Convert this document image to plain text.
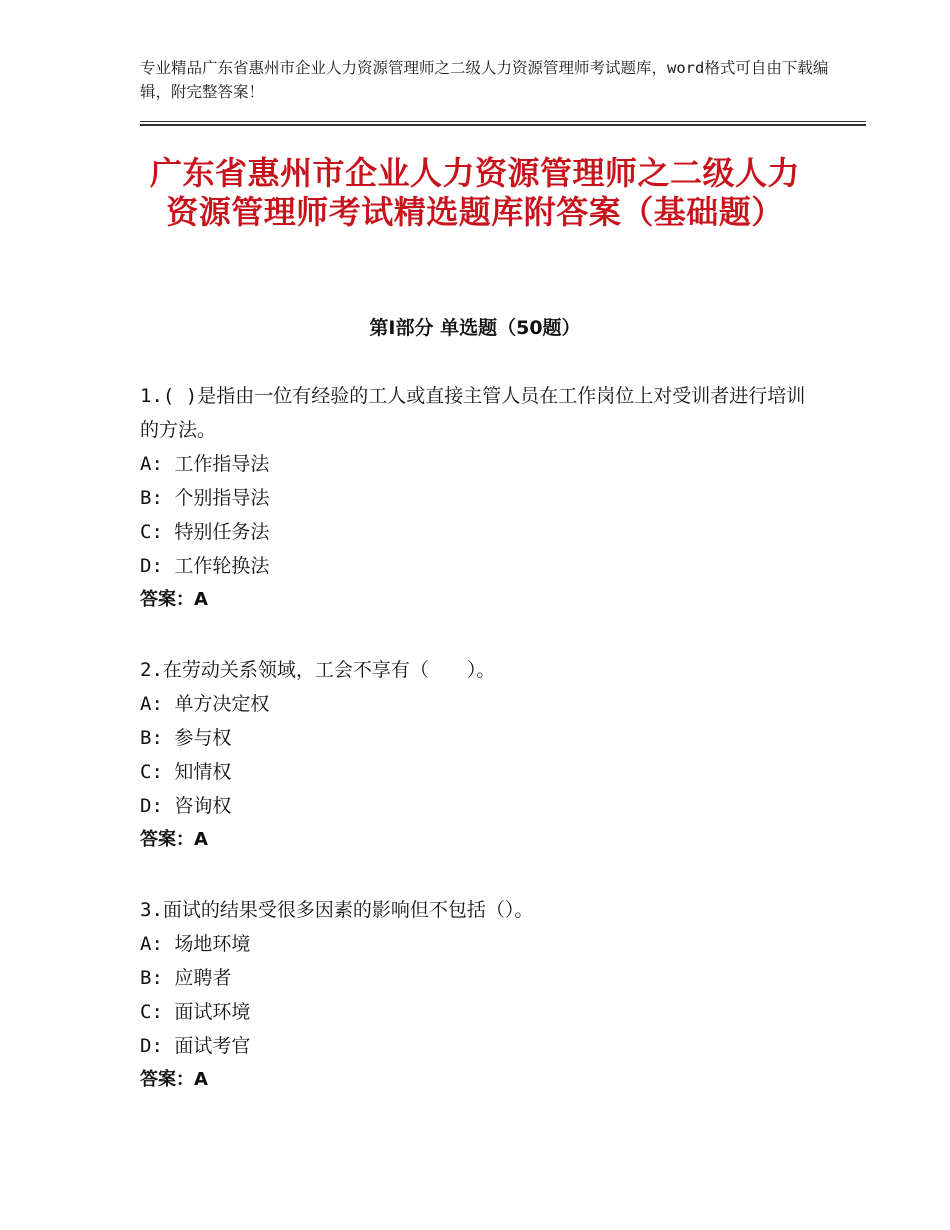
专业精品广东省惠州市企业人力资源管理师之二级人力资源管理师考试题库，word格式可自由下载编辑，附完整答案！
广东省惠州市企业人力资源管理师之二级人力资源管理师考试精选题库附答案（基础题）
第Ⅰ部分 单选题（50题）

1.( )是指由一位有经验的工人或直接主管人员在工作岗位上对受训者进行培训的方法。

A: 工作指导法

B: 个别指导法

C: 特别任务法

D: 工作轮换法

答案：A

2.在劳动关系领域，工会不享有（　　）。

A: 单方决定权

B: 参与权

C: 知情权

D: 咨询权

答案：A

3.面试的结果受很多因素的影响但不包括（）。

A: 场地环境

B: 应聘者

C: 面试环境

D: 面试考官

答案：A
